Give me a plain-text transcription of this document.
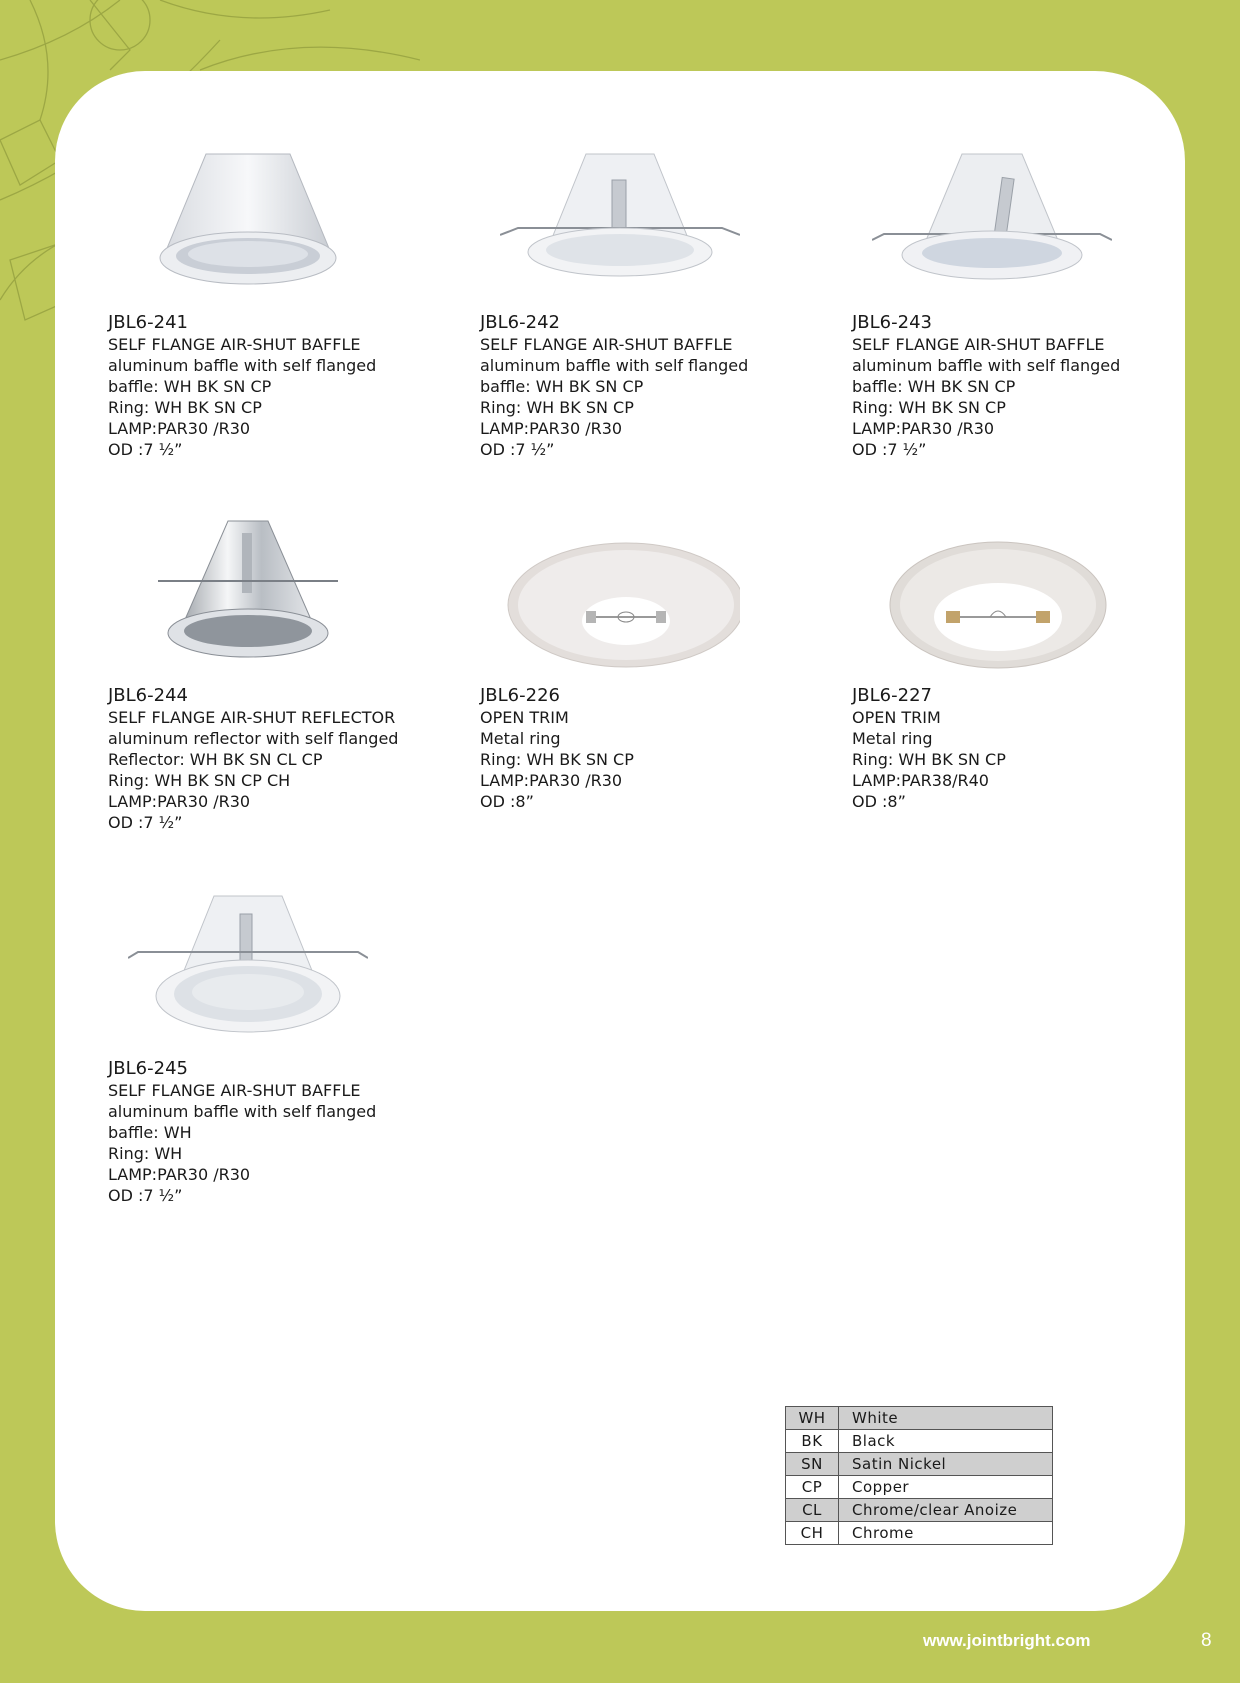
JBL6-241
SELF FLANGE AIR-SHUT BAFFLE
aluminum baffle with self flanged
baffle: WH BK SN CP
Ring: WH BK SN CP
LAMP:PAR30 /R30
OD :7 ½”
JBL6-242
SELF FLANGE AIR-SHUT BAFFLE
aluminum baffle with self flanged
baffle: WH BK SN CP
Ring: WH BK SN CP
LAMP:PAR30 /R30
OD :7 ½”
JBL6-243
SELF FLANGE AIR-SHUT BAFFLE
aluminum baffle with self flanged
baffle: WH BK SN CP
Ring: WH BK SN CP
LAMP:PAR30 /R30
OD :7 ½”
JBL6-244
SELF FLANGE AIR-SHUT REFLECTOR
aluminum reflector with self flanged
Reflector: WH BK SN CL CP
Ring: WH BK SN CP CH
LAMP:PAR30 /R30
OD :7 ½”
JBL6-226
OPEN TRIM
Metal ring
Ring: WH BK SN CP
LAMP:PAR30 /R30
OD :8”
JBL6-227
OPEN TRIM
Metal ring
Ring: WH BK SN CP
LAMP:PAR38/R40
OD :8”
JBL6-245
SELF FLANGE AIR-SHUT BAFFLE
aluminum baffle with self flanged
baffle: WH
Ring: WH
LAMP:PAR30 /R30
OD :7 ½”
WH	White
BK	Black
SN	Satin Nickel
CP	Copper
CL	Chrome/clear Anoize
CH	Chrome
www.jointbright.com	8
